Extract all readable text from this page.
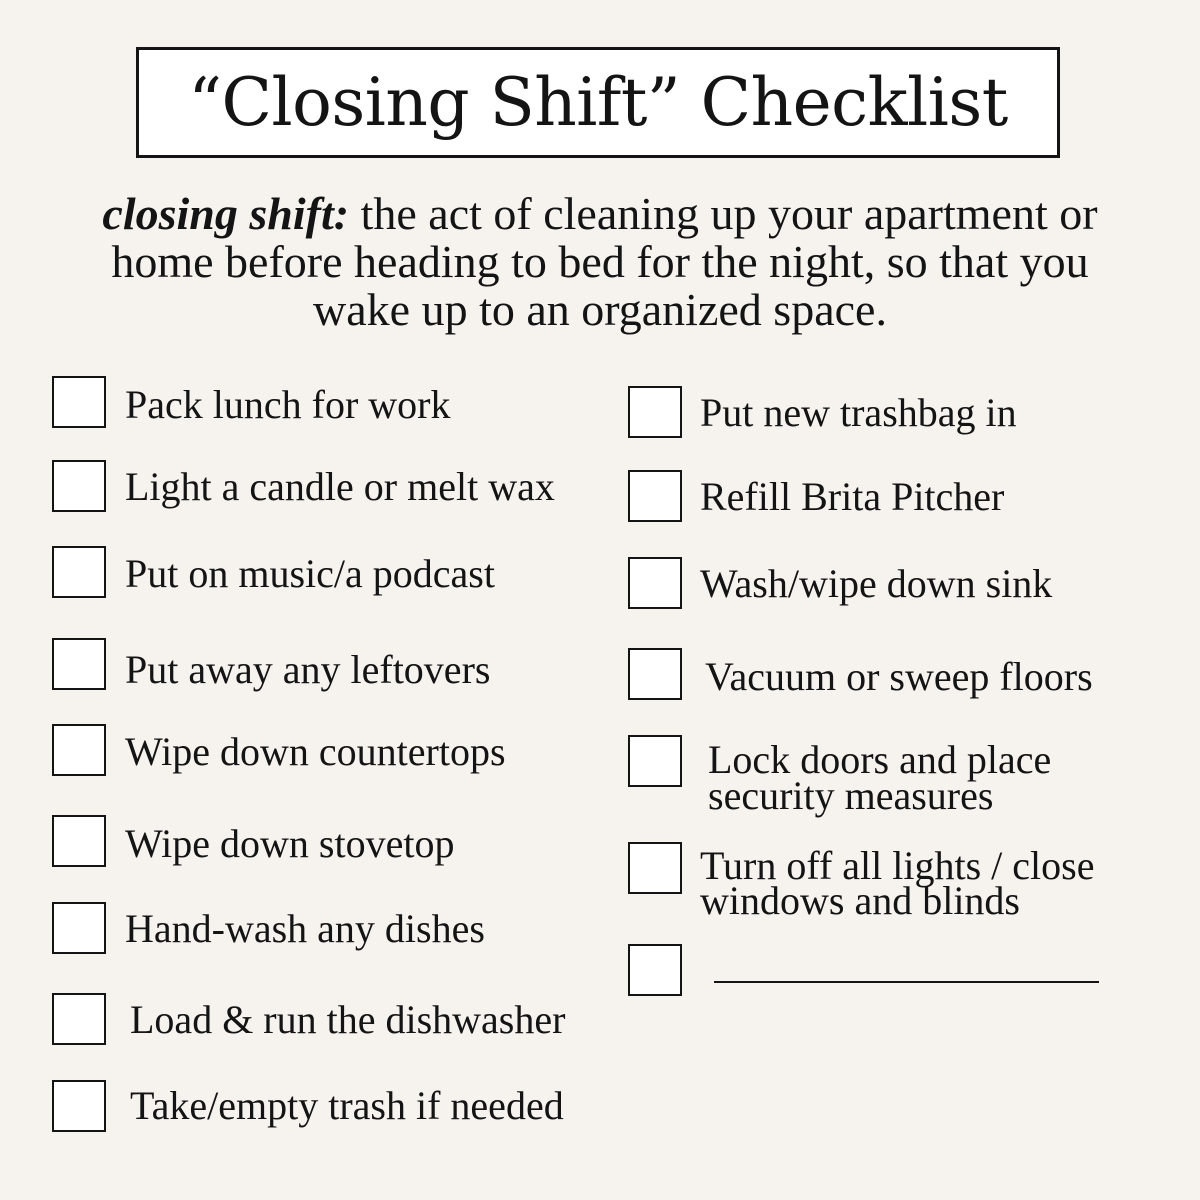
“Closing Shift” Checklist
closing shift: the act of cleaning up your apartment or home before heading to bed for the night, so that you wake up to an organized space.
Pack lunch for work
Light a candle or melt wax
Put on music/a podcast
Put away any leftovers
Wipe down countertops
Wipe down stovetop
Hand-wash any dishes
Load & run the dishwasher
Take/empty trash if needed
Put new trashbag in
Refill Brita Pitcher
Wash/wipe down sink
Vacuum or sweep floors
Lock doors and place
security measures
Turn off all lights / close
windows and blinds
